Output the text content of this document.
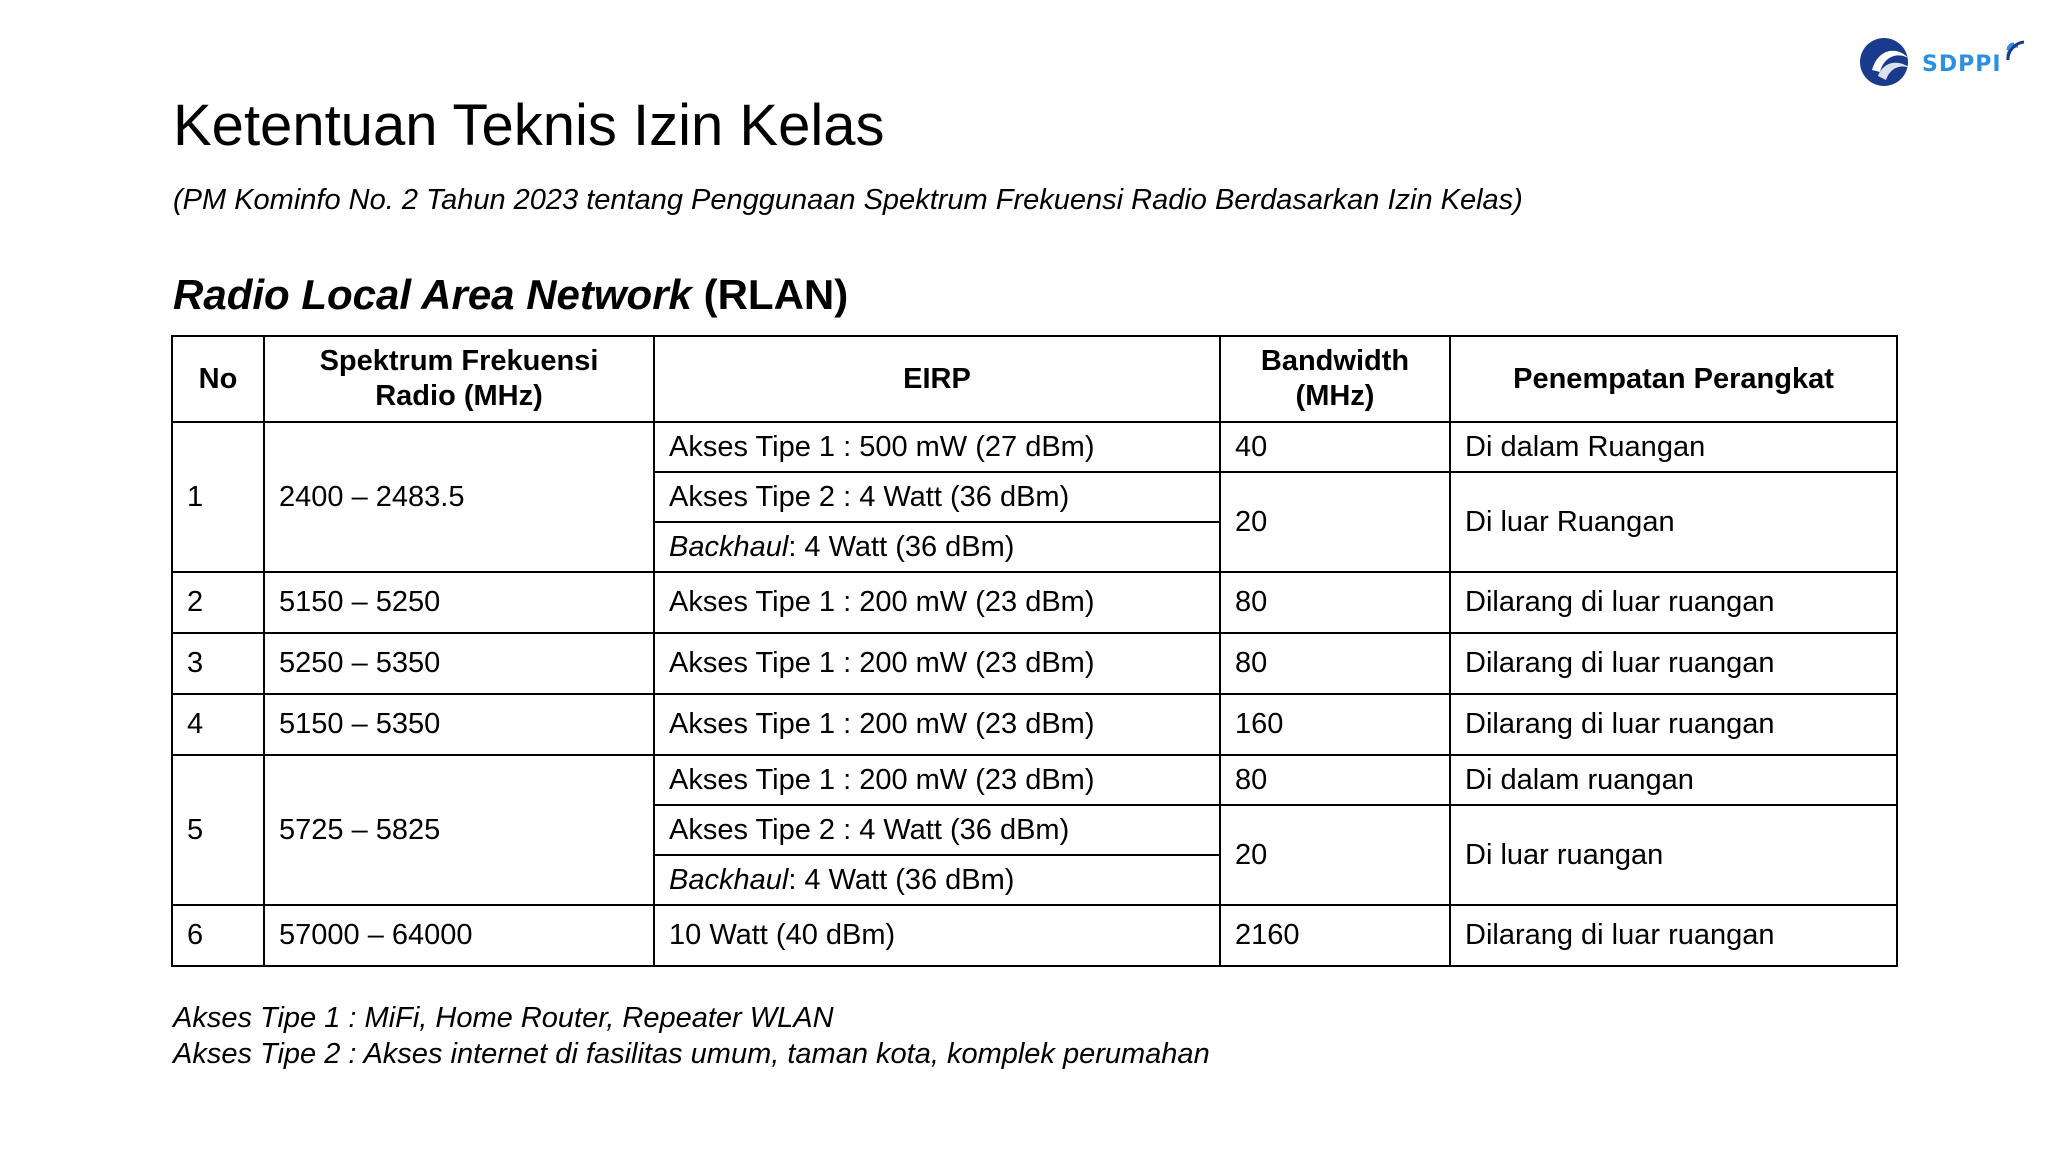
SDPPI
Ketentuan Teknis Izin Kelas
(PM Kominfo No. 2 Tahun 2023 tentang Penggunaan Spektrum Frekuensi Radio Berdasarkan Izin Kelas)
Radio Local Area Network (RLAN)
No	Spektrum Frekuensi Radio (MHz)	EIRP	Bandwidth (MHz)	Penempatan Perangkat
1	2400 – 2483.5	Akses Tipe 1 : 500 mW (27 dBm)	40	Di dalam Ruangan
		Akses Tipe 2 : 4 Watt (36 dBm)	20	Di luar Ruangan
		Backhaul: 4 Watt (36 dBm)		
2	5150 – 5250	Akses Tipe 1 : 200 mW (23 dBm)	80	Dilarang di luar ruangan
3	5250 – 5350	Akses Tipe 1 : 200 mW (23 dBm)	80	Dilarang di luar ruangan
4	5150 – 5350	Akses Tipe 1 : 200 mW (23 dBm)	160	Dilarang di luar ruangan
5	5725 – 5825	Akses Tipe 1 : 200 mW (23 dBm)	80	Di dalam ruangan
		Akses Tipe 2 : 4 Watt (36 dBm)	20	Di luar ruangan
		Backhaul: 4 Watt (36 dBm)		
6	57000 – 64000	10 Watt (40 dBm)	2160	Dilarang di luar ruangan
Akses Tipe 1 : MiFi, Home Router, Repeater WLAN
Akses Tipe 2 : Akses internet di fasilitas umum, taman kota, komplek perumahan
